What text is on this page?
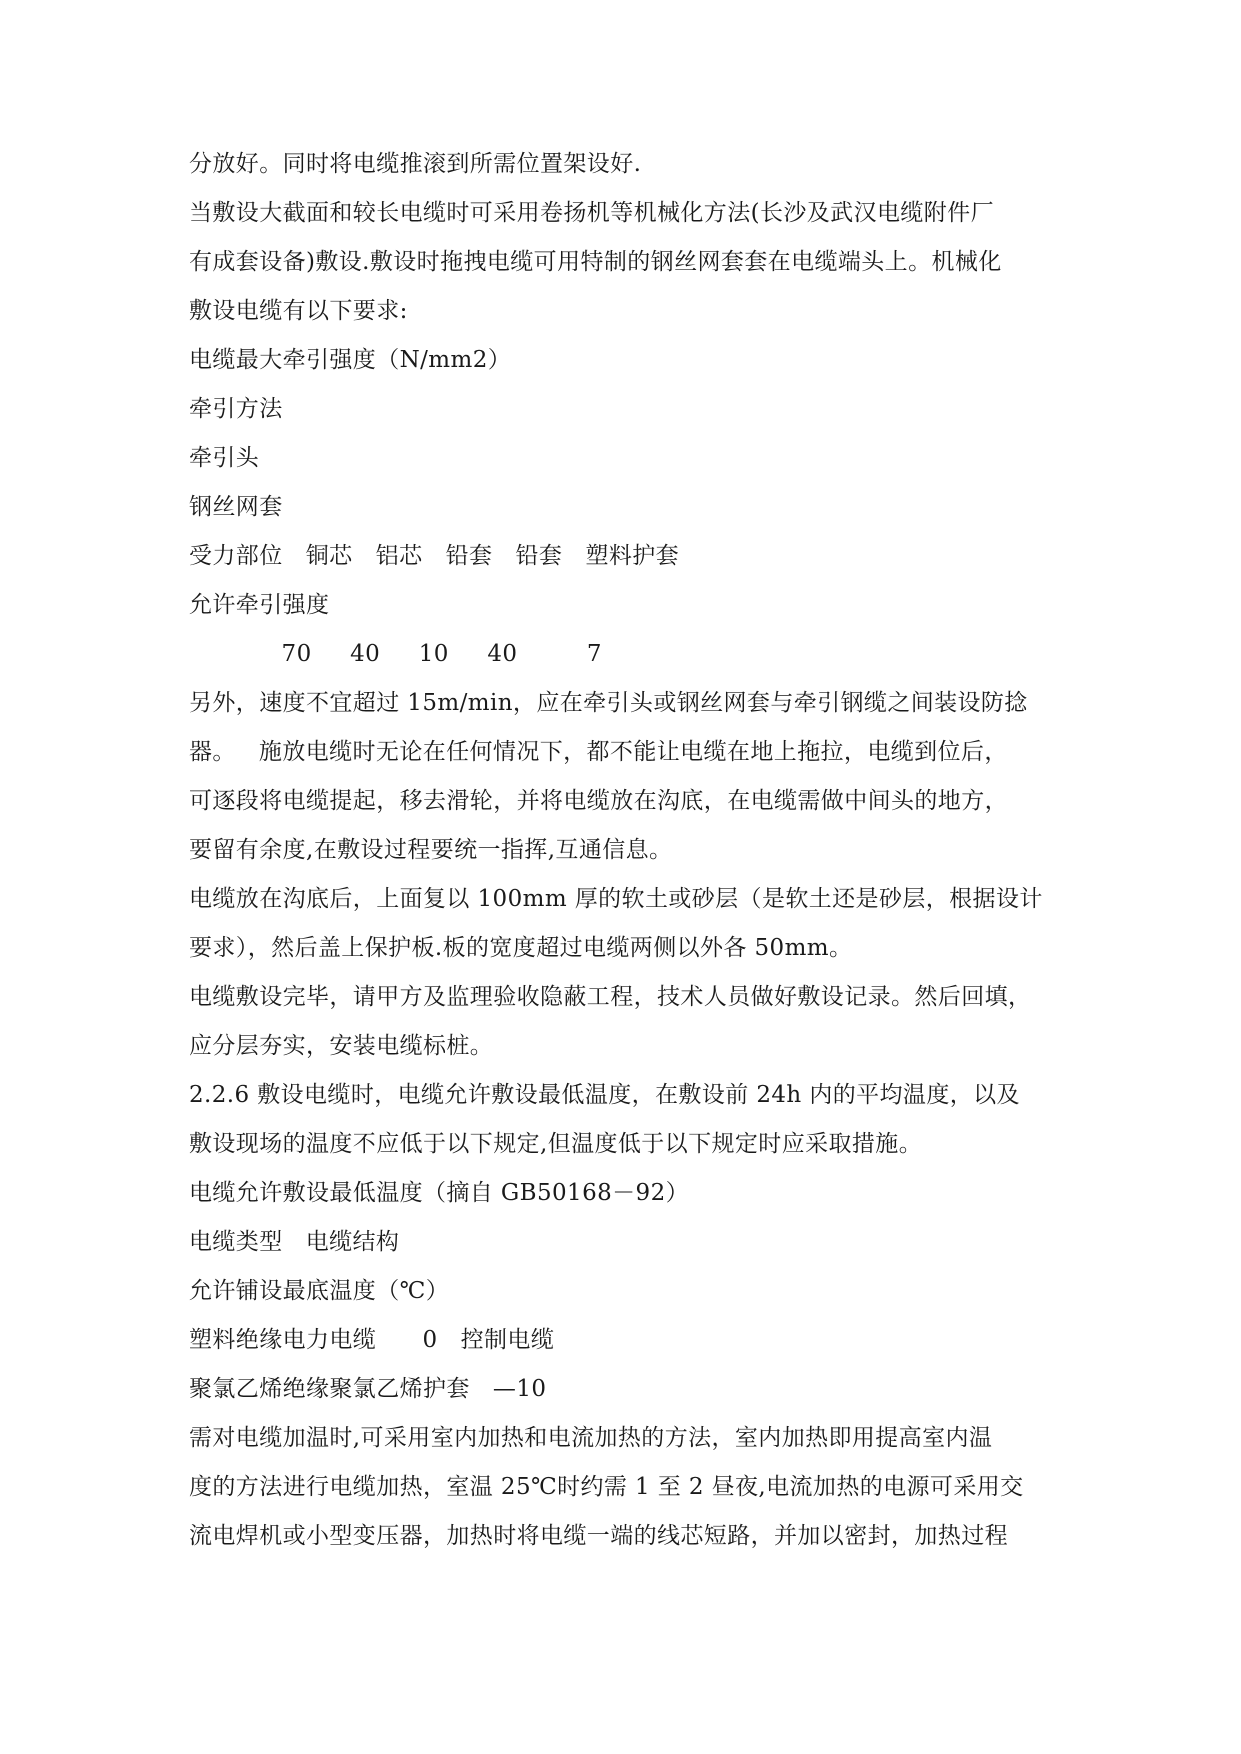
分放好。同时将电缆推滚到所需位置架设好.
当敷设大截面和较长电缆时可采用卷扬机等机械化方法(长沙及武汉电缆附件厂
有成套设备)敷设.敷设时拖拽电缆可用特制的钢丝网套套在电缆端头上。机械化
敷设电缆有以下要求:
电缆最大牵引强度（N/mm2）
牵引方法
牵引头
钢丝网套
受力部位   铜芯   铝芯   铅套   铅套   塑料护套
允许牵引强度
70     40     10     40         7
另外，速度不宜超过 15m/min，应在牵引头或钢丝网套与牵引钢缆之间装设防捻
器。   施放电缆时无论在任何情况下，都不能让电缆在地上拖拉，电缆到位后，
可逐段将电缆提起，移去滑轮，并将电缆放在沟底，在电缆需做中间头的地方，
要留有余度,在敷设过程要统一指挥,互通信息。
电缆放在沟底后，上面复以 100mm 厚的软土或砂层（是软土还是砂层，根据设计
要求），然后盖上保护板.板的宽度超过电缆两侧以外各 50mm。
电缆敷设完毕，请甲方及监理验收隐蔽工程，技术人员做好敷设记录。然后回填，
应分层夯实，安装电缆标桩。
2.2.6 敷设电缆时，电缆允许敷设最低温度，在敷设前 24h 内的平均温度，以及
敷设现场的温度不应低于以下规定,但温度低于以下规定时应采取措施。
电缆允许敷设最低温度（摘自 GB50168－92）
电缆类型   电缆结构
允许铺设最底温度（℃）
塑料绝缘电力电缆      0   控制电缆
聚氯乙烯绝缘聚氯乙烯护套   —10
需对电缆加温时,可采用室内加热和电流加热的方法，室内加热即用提高室内温
度的方法进行电缆加热，室温 25℃时约需 1 至 2 昼夜,电流加热的电源可采用交
流电焊机或小型变压器，加热时将电缆一端的线芯短路，并加以密封，加热过程
